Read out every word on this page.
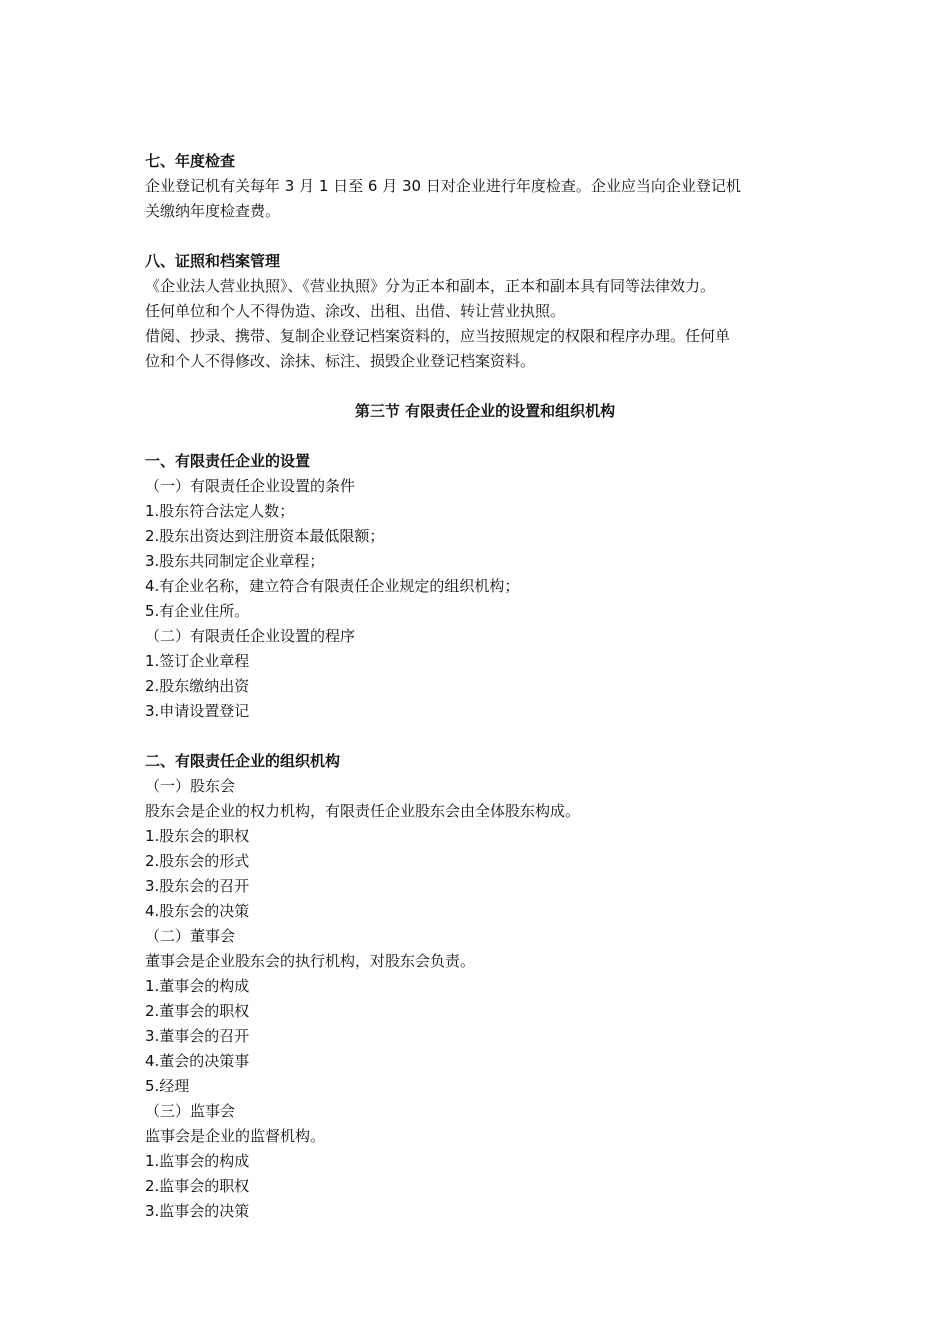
七、年度检查
企业登记机有关每年 3 月 1 日至 6 月 30 日对企业进行年度检查。企业应当向企业登记机
关缴纳年度检查费。
八、证照和档案管理
《企业法人营业执照》、《营业执照》分为正本和副本，正本和副本具有同等法律效力。
任何单位和个人不得伪造、涂改、出租、出借、转让营业执照。
借阅、抄录、携带、复制企业登记档案资料的，应当按照规定的权限和程序办理。任何单
位和个人不得修改、涂抹、标注、损毁企业登记档案资料。
第三节 有限责任企业的设置和组织机构
一、有限责任企业的设置
（一）有限责任企业设置的条件
1.股东符合法定人数；
2.股东出资达到注册资本最低限额；
3.股东共同制定企业章程；
4.有企业名称，建立符合有限责任企业规定的组织机构；
5.有企业住所。
（二）有限责任企业设置的程序
1.签订企业章程
2.股东缴纳出资
3.申请设置登记
二、有限责任企业的组织机构
（一）股东会
股东会是企业的权力机构，有限责任企业股东会由全体股东构成。
1.股东会的职权
2.股东会的形式
3.股东会的召开
4.股东会的决策
（二）董事会
董事会是企业股东会的执行机构，对股东会负责。
1.董事会的构成
2.董事会的职权
3.董事会的召开
4.董会的决策事
5.经理
（三）监事会
监事会是企业的监督机构。
1.监事会的构成
2.监事会的职权
3.监事会的决策
